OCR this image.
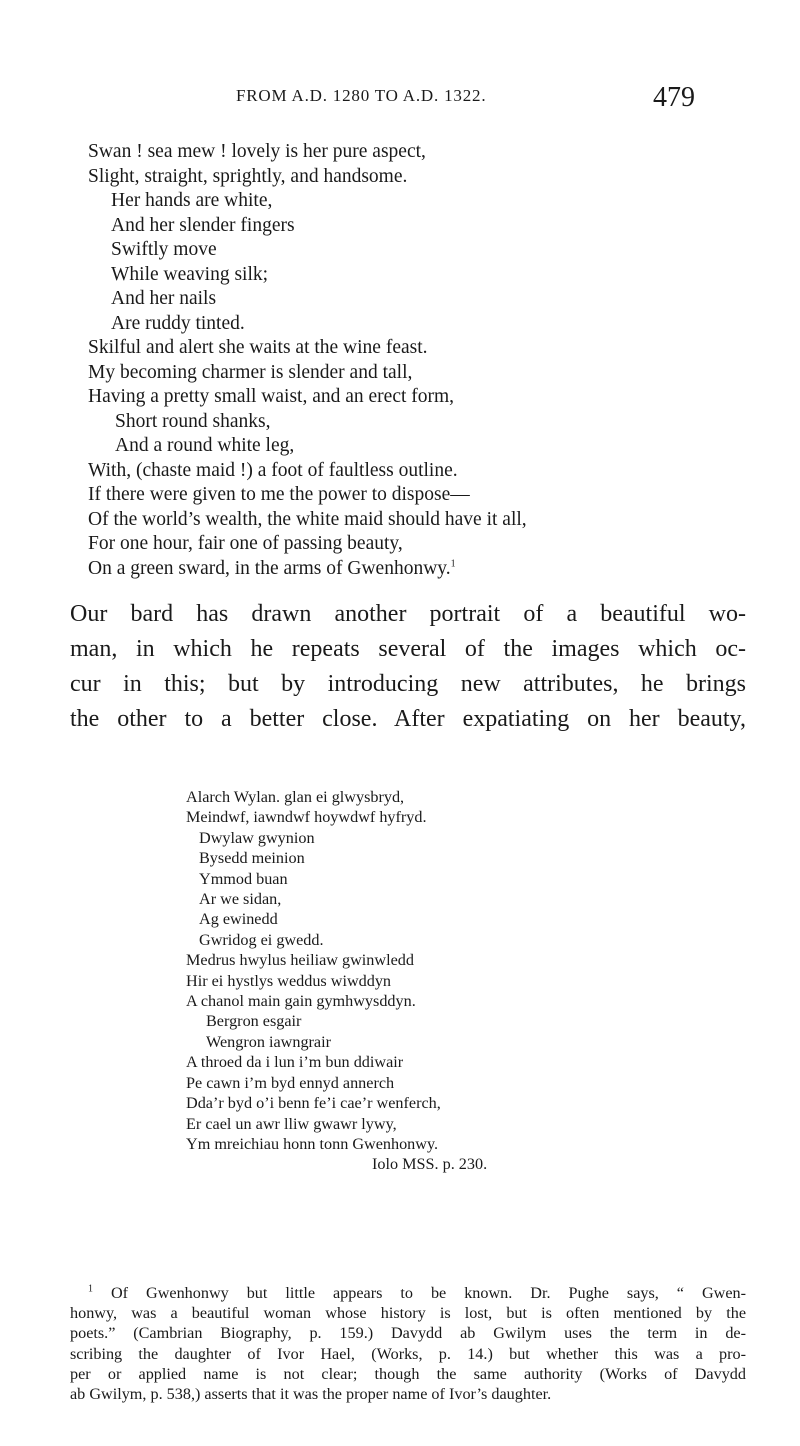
FROM A.D. 1280 TO A.D. 1322.	479
Swan ! sea mew ! lovely is her pure aspect,
Slight, straight, sprightly, and handsome.
Her hands are white,
And her slender fingers
Swiftly move
While weaving silk;
And her nails
Are ruddy tinted.
Skilful and alert she waits at the wine feast.
My becoming charmer is slender and tall,
Having a pretty small waist, and an erect form,
Short round shanks,
And a round white leg,
With, (chaste maid !) a foot of faultless outline.
If there were given to me the power to dispose—
Of the world’s wealth, the white maid should have it all,
For one hour, fair one of passing beauty,
On a green sward, in the arms of Gwenhonwy.$^1$
Our bard has drawn another portrait of a beautiful wo-
man, in which he repeats several of the images which oc-
cur in this; but by introducing new attributes, he brings
the other to a better close. After expatiating on her beauty,
Alarch Wylan. glan ei glwysbryd,
Meindwf, iawndwf hoywdwf hyfryd.
Dwylaw gwynion
Bysedd meinion
Ymmod buan
Ar we sidan,
Ag ewinedd
Gwridog ei gwedd.
Medrus hwylus heiliaw gwinwledd
Hir ei hystlys weddus wiwddyn
A chanol main gain gymhwysddyn.
Bergron esgair
Wengron iawngrair
A throed da i lun i’m bun ddiwair
Pe cawn i’m byd ennyd annerch
Dda’r byd o’i benn fe’i cae’r wenferch,
Er cael un awr lliw gwawr lywy,
Ym mreichiau honn tonn Gwenhonwy.
Iolo MSS. p. 230.
$^1$ Of Gwenhonwy but little appears to be known. Dr. Pughe says, “ Gwen-
honwy, was a beautiful woman whose history is lost, but is often mentioned by the
poets.” (Cambrian Biography, p. 159.) Davydd ab Gwilym uses the term in de-
scribing the daughter of Ivor Hael, (Works, p. 14.) but whether this was a pro-
per or applied name is not clear; though the same authority (Works of Davydd
ab Gwilym, p. 538,) asserts that it was the proper name of Ivor’s daughter.
